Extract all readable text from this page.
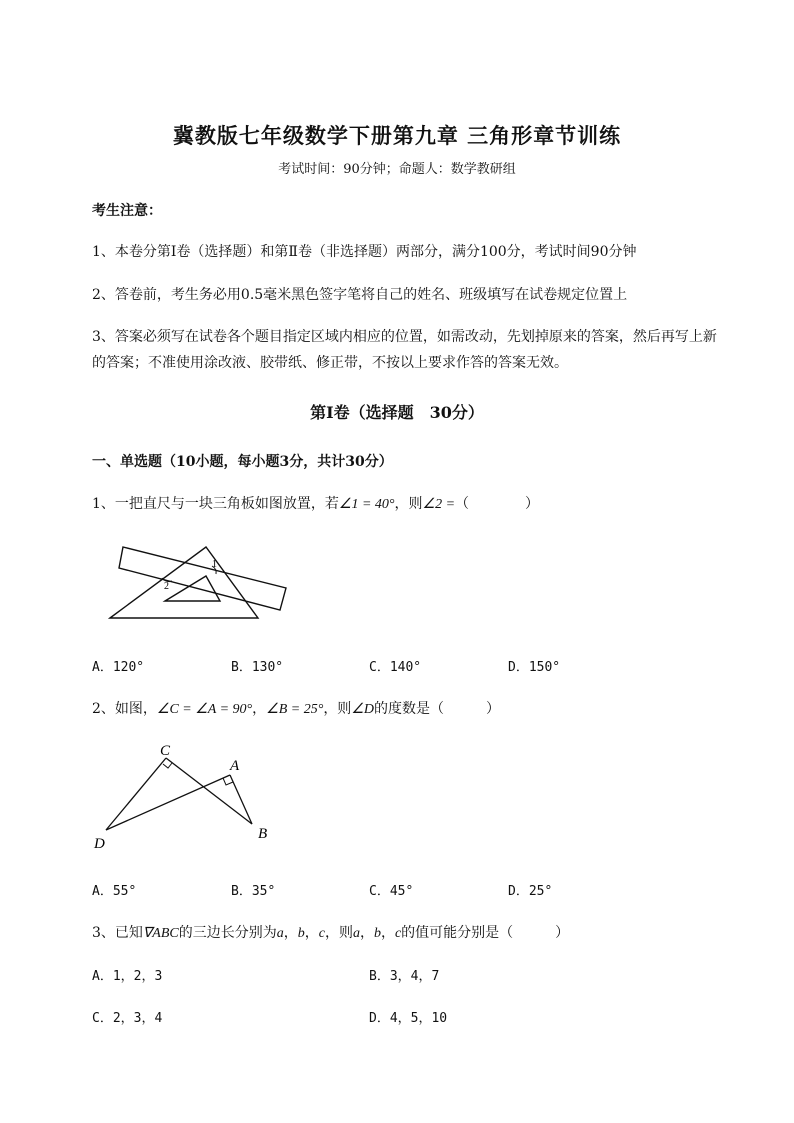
冀教版七年级数学下册第九章 三角形章节训练
考试时间：90分钟；命题人：数学教研组
考生注意：
1、本卷分第I卷（选择题）和第Ⅱ卷（非选择题）两部分，满分100分，考试时间90分钟
2、答卷前，考生务必用0.5毫米黑色签字笔将自己的姓名、班级填写在试卷规定位置上
3、答案必须写在试卷各个题目指定区域内相应的位置，如需改动，先划掉原来的答案，然后再写上新
的答案；不准使用涂改液、胶带纸、修正带，不按以上要求作答的答案无效。
第I卷（选择题　30分）
一、单选题（10小题，每小题3分，共计30分）
1、一把直尺与一块三角板如图放置，若∠1 = 40°，则∠2 =（　　　　）
1
2
A．120°	B．130°	C．140°	D．150°
2、如图，∠C = ∠A = 90°，∠B = 25°，则∠D的度数是（　　　）
C
A
D
B
A．55°	B．35°	C．45°	D．25°
3、已知∇ABC的三边长分别为a，b，c，则a，b，c的值可能分别是（　　　）
A．1，2，3	B．3，4，7
C．2，3，4	D．4，5，10
